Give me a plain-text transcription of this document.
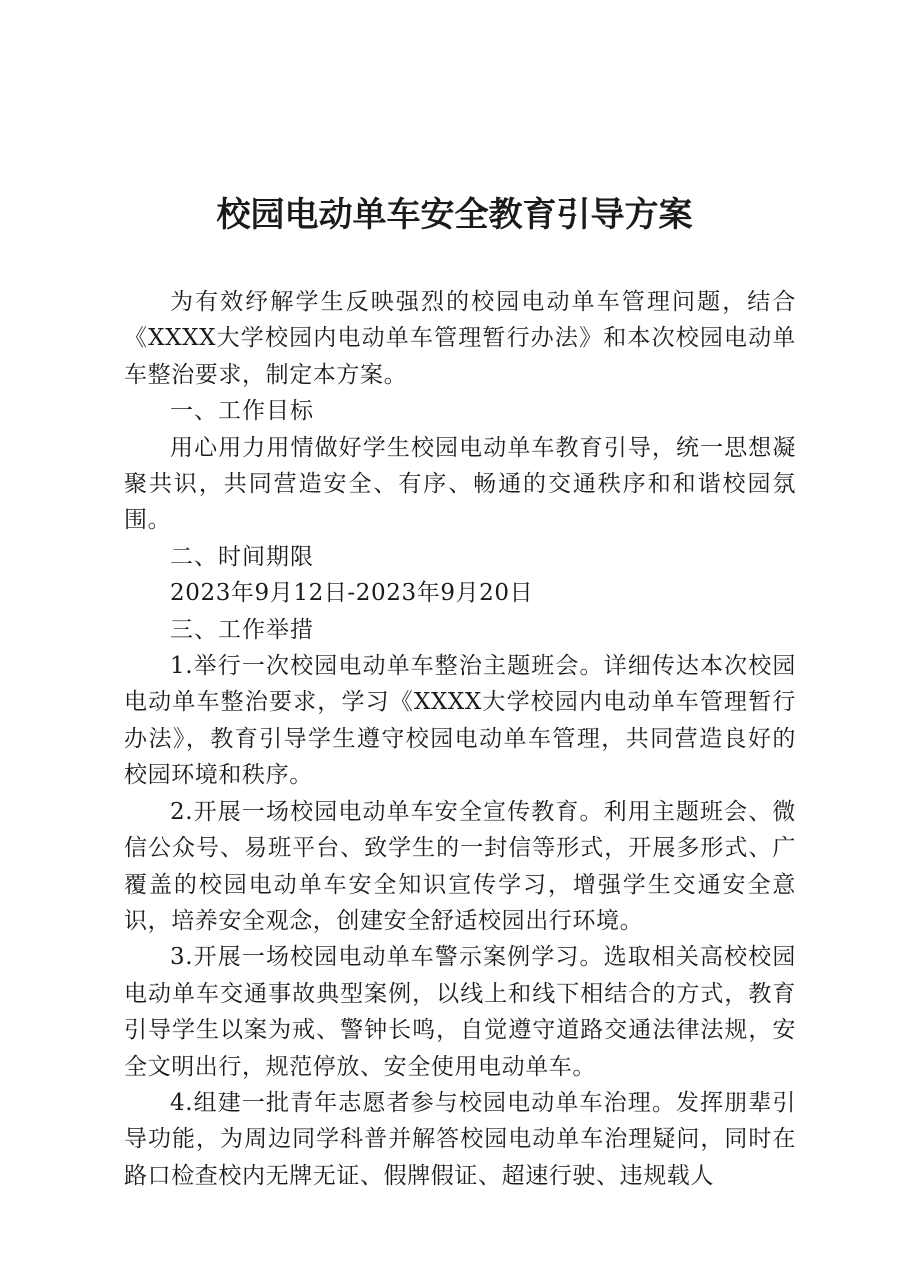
校园电动单车安全教育引导方案

为有效纾解学生反映强烈的校园电动单车管理问题，结合《XXXX大学校园内电动单车管理暂行办法》和本次校园电动单车整治要求，制定本方案。

一、工作目标

用心用力用情做好学生校园电动单车教育引导，统一思想凝聚共识，共同营造安全、有序、畅通的交通秩序和和谐校园氛围。

二、时间期限

2023年9月12日-2023年9月20日

三、工作举措

1.举行一次校园电动单车整治主题班会。详细传达本次校园电动单车整治要求，学习《XXXX大学校园内电动单车管理暂行办法》，教育引导学生遵守校园电动单车管理，共同营造良好的校园环境和秩序。

2.开展一场校园电动单车安全宣传教育。利用主题班会、微信公众号、易班平台、致学生的一封信等形式，开展多形式、广覆盖的校园电动单车安全知识宣传学习，增强学生交通安全意识，培养安全观念，创建安全舒适校园出行环境。

3.开展一场校园电动单车警示案例学习。选取相关高校校园电动单车交通事故典型案例，以线上和线下相结合的方式，教育引导学生以案为戒、警钟长鸣，自觉遵守道路交通法律法规，安全文明出行，规范停放、安全使用电动单车。

4.组建一批青年志愿者参与校园电动单车治理。发挥朋辈引导功能，为周边同学科普并解答校园电动单车治理疑问，同时在路口检查校内无牌无证、假牌假证、超速行驶、违规载人
